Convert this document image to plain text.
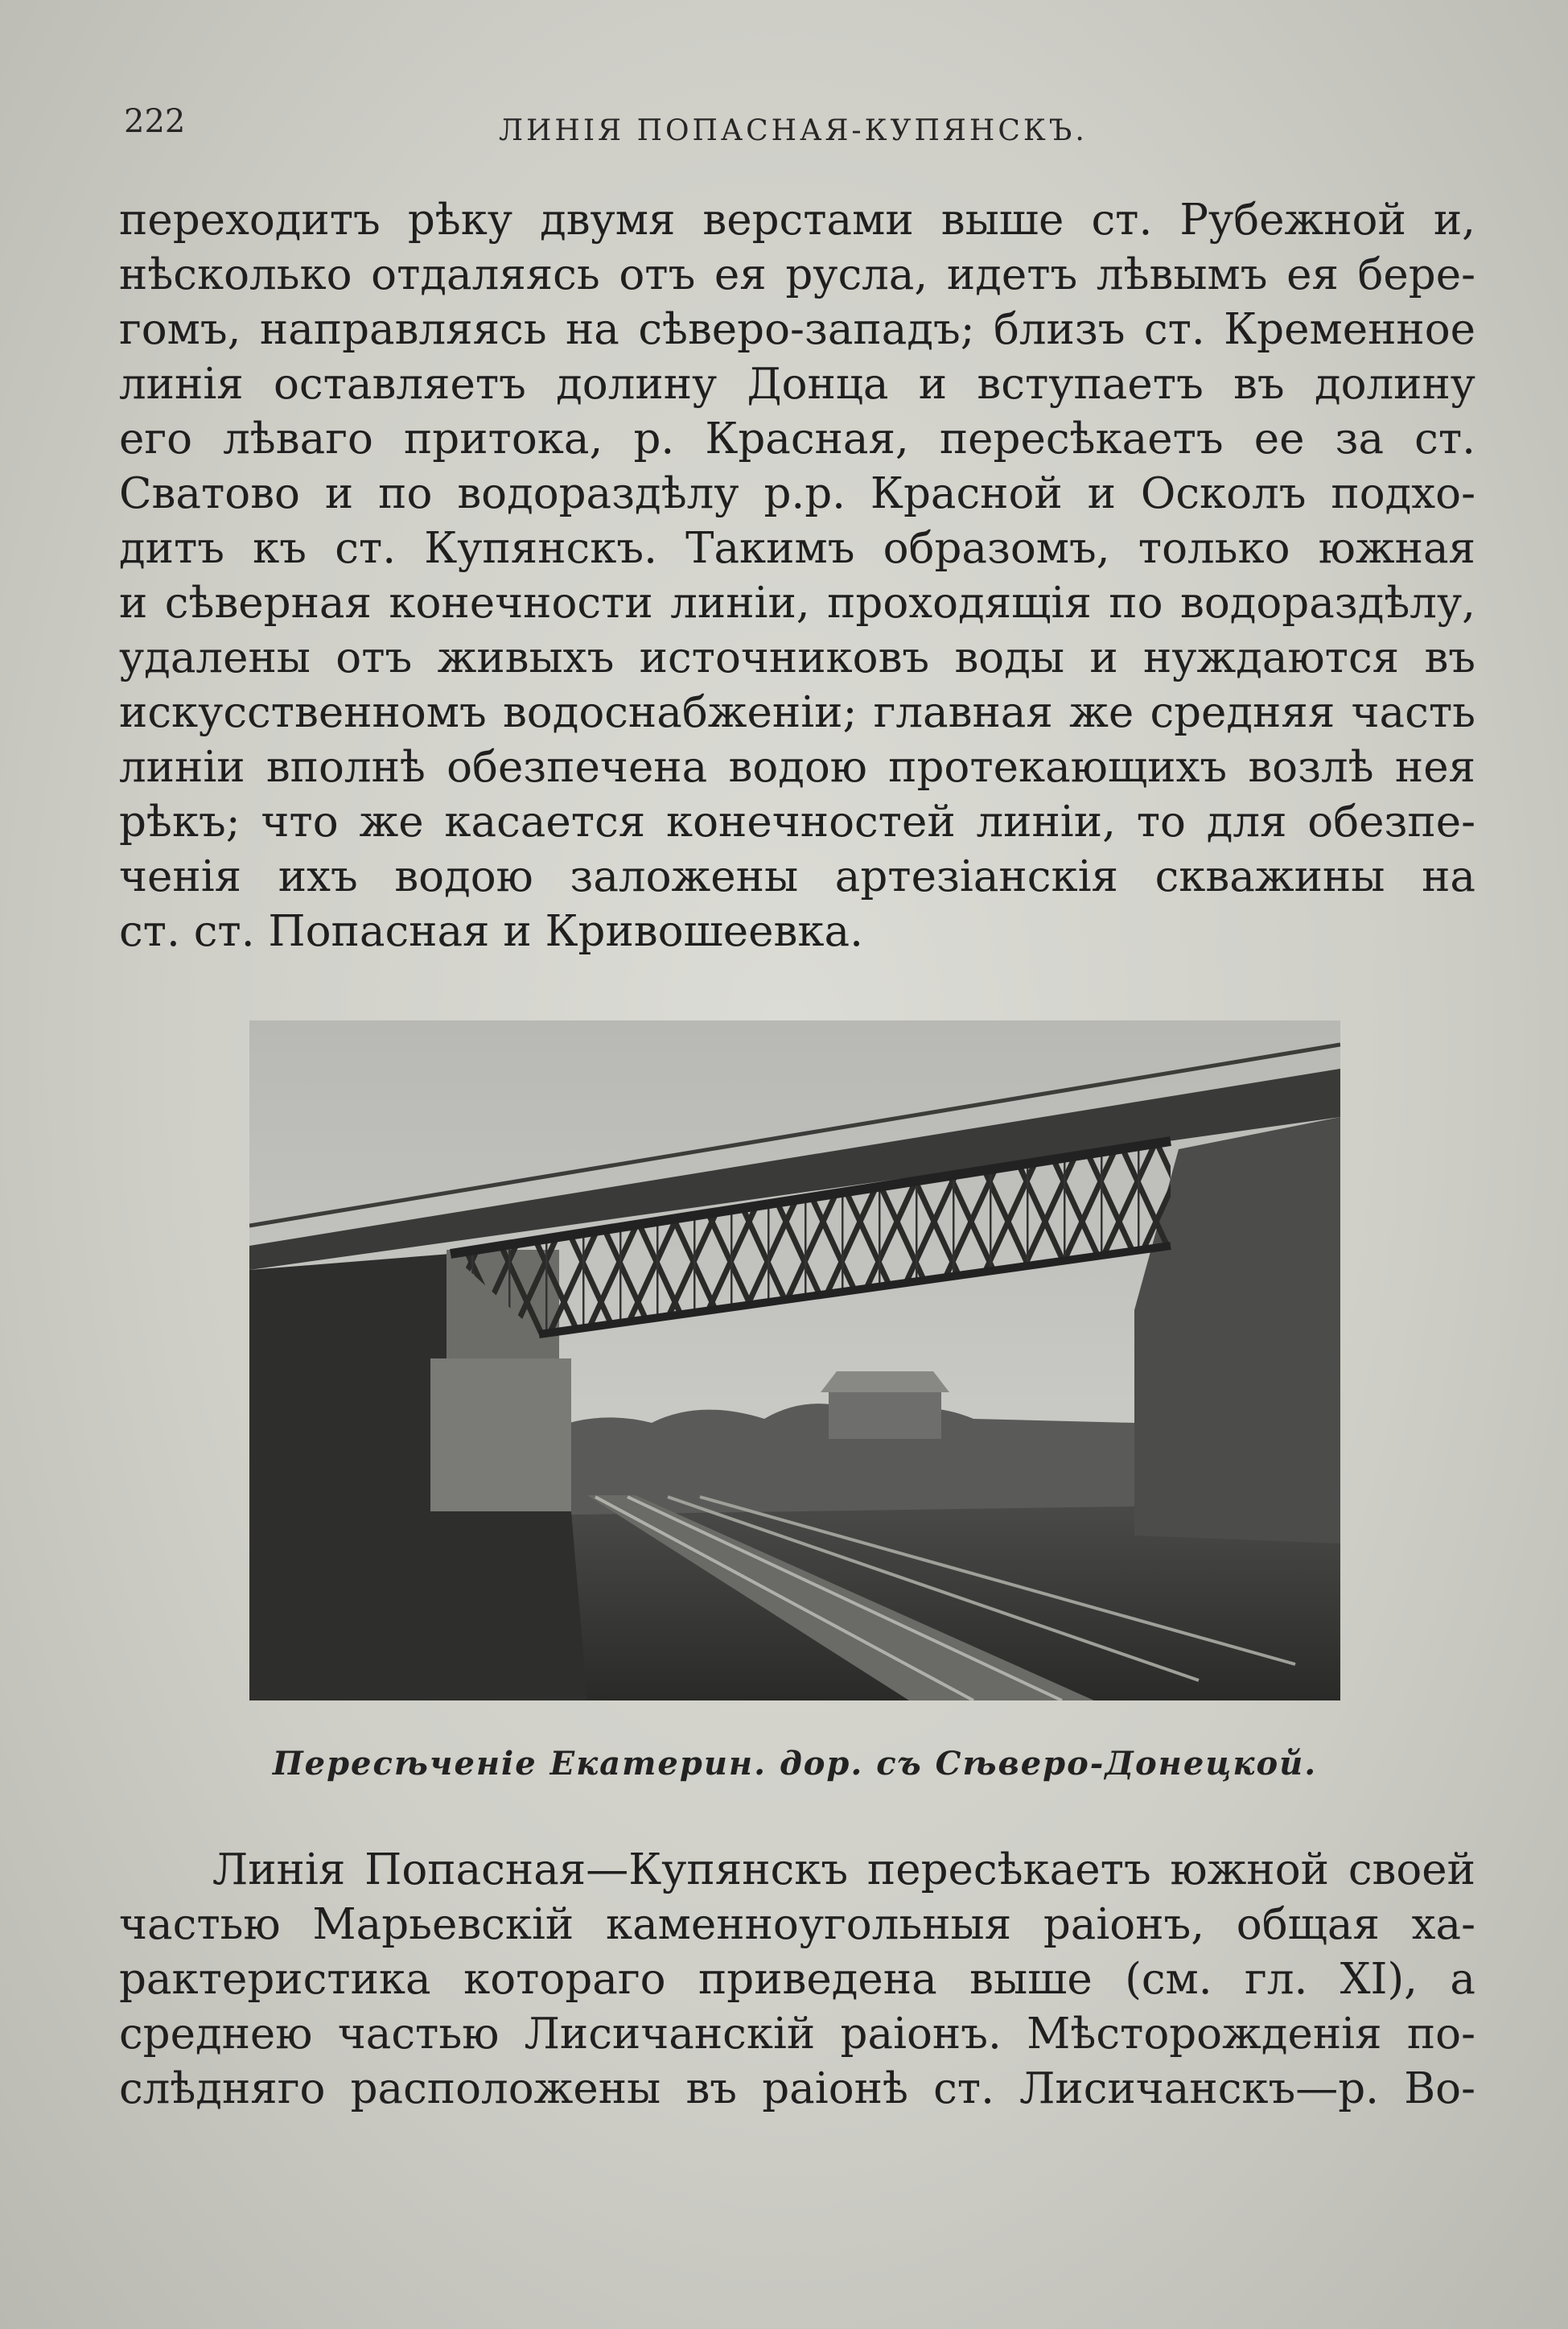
222	ЛИНІЯ ПОПАСНАЯ-КУПЯНСКЪ.
переходитъ рѣку двумя верстами выше ст. Рубежной и,
нѣсколько отдаляясь отъ ея русла, идетъ лѣвымъ ея бере-
гомъ, направляясь на сѣверо-западъ; близъ ст. Кременное
линія оставляетъ долину Донца и вступаетъ въ долину
его лѣваго притока, р. Красная, пересѣкаетъ ее за ст.
Сватово и по водораздѣлу р.р. Красной и Осколъ подхо-
дитъ къ ст. Купянскъ. Такимъ образомъ, только южная
и сѣверная конечности линіи, проходящія по водораздѣлу,
удалены отъ живыхъ источниковъ воды и нуждаются въ
искусственномъ водоснабженіи; главная же средняя часть
линіи вполнѣ обезпечена водою протекающихъ возлѣ нея
рѣкъ; что же касается конечностей линіи, то для обезпе-
ченія ихъ водою заложены артезіанскія скважины на
ст. ст. Попасная и Кривошеевка.
Пересѣченіе Екатерин. дор. съ Сѣверо-Донецкой.
Линія Попасная—Купянскъ пересѣкаетъ южной своей
частью Марьевскій каменноугольныя раіонъ, общая ха-
рактеристика котораго приведена выше (см. гл. XI), а
среднею частью Лисичанскій раіонъ. Мѣсторожденія по-
слѣдняго расположены въ раіонѣ ст. Лисичанскъ—р. Во-
